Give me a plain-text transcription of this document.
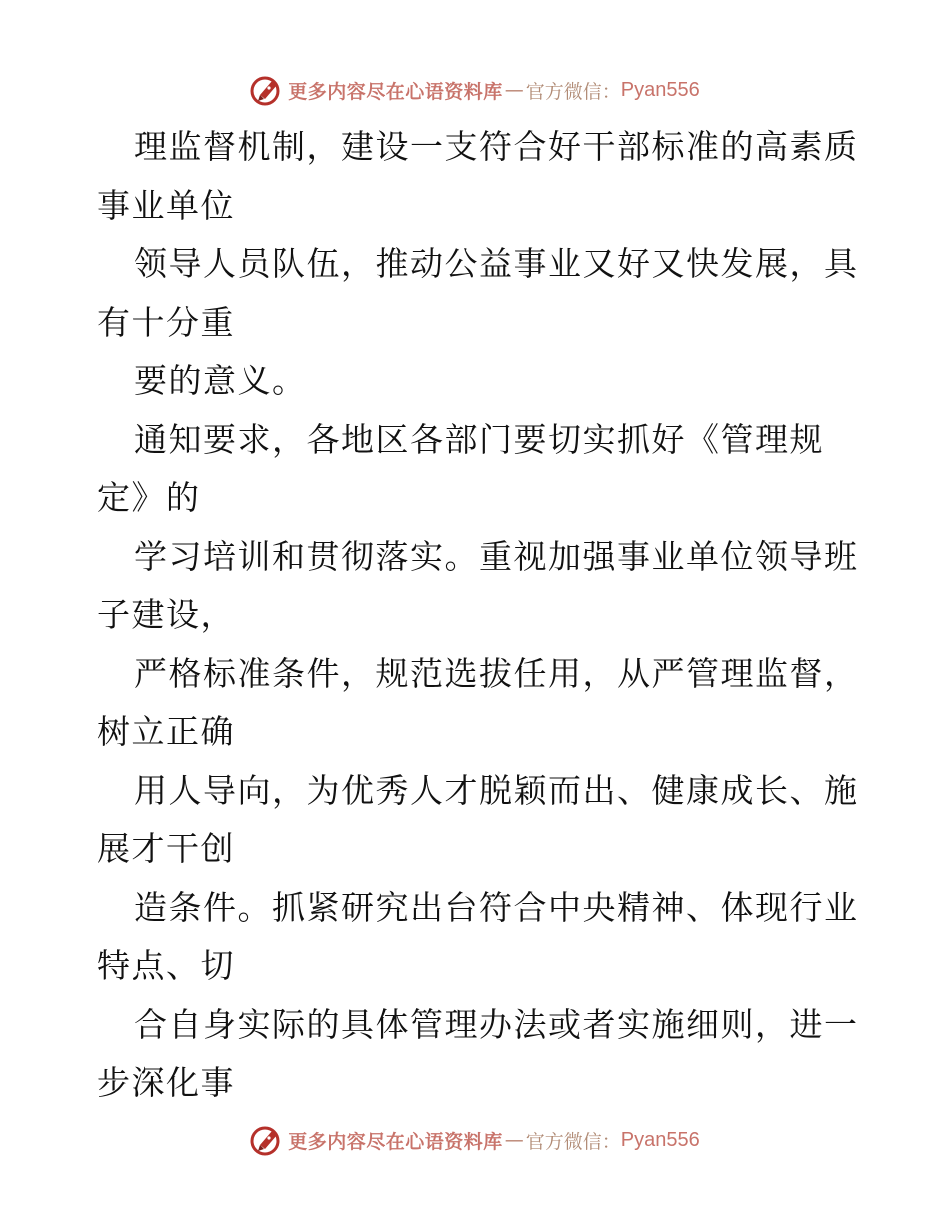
更多内容尽在心语资料库 — 官方微信： Pyan556
理监督机制，建设一支符合好干部标准的高素质
事业单位
领导人员队伍，推动公益事业又好又快发展，具
有十分重
要的意义。
通知要求，各地区各部门要切实抓好《管理规
定》的
学习培训和贯彻落实。重视加强事业单位领导班
子建设，
严格标准条件，规范选拔任用，从严管理监督，
树立正确
用人导向，为优秀人才脱颖而出、健康成长、施
展才干创
造条件。抓紧研究出台符合中央精神、体现行业
特点、切
合自身实际的具体管理办法或者实施细则，进一
步深化事
更多内容尽在心语资料库 — 官方微信： Pyan556
